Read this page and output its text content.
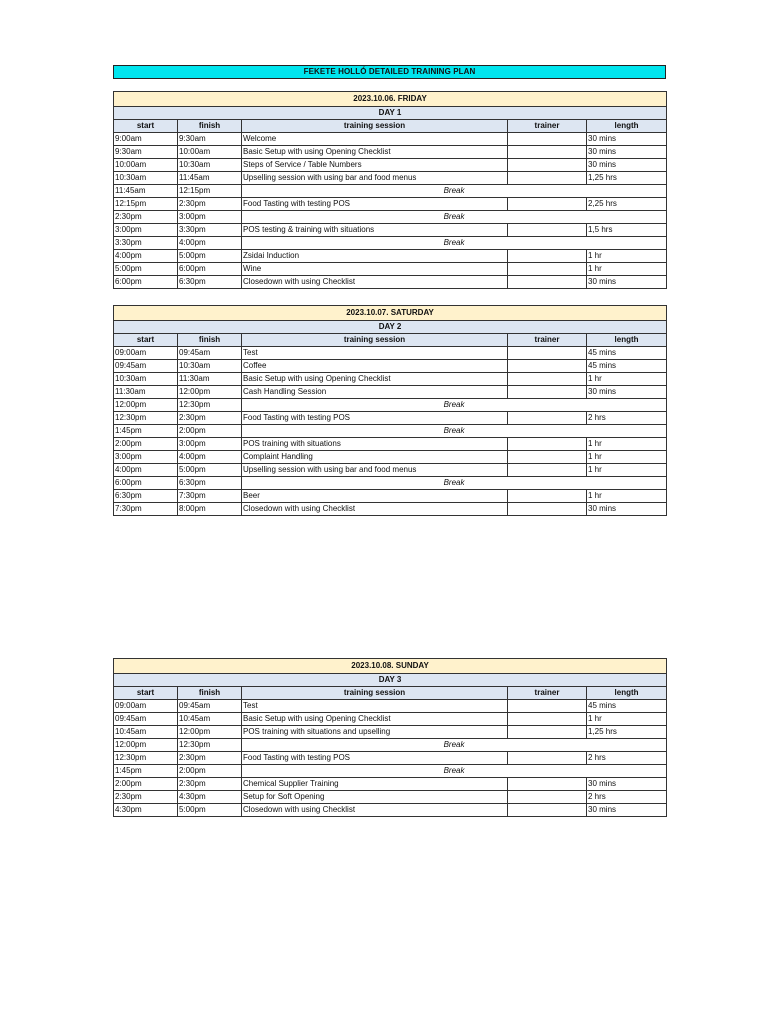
FEKETE HOLLÓ DETAILED TRAINING PLAN
2023.10.06. FRIDAY				
DAY 1				
start	finish	training session	trainer	length
9:00am	9:30am	Welcome		30 mins
9:30am	10:00am	Basic Setup with using Opening Checklist		30 mins
10:00am	10:30am	Steps of Service / Table Numbers		30 mins
10:30am	11:45am	Upselling session with using bar and food menus		1,25 hrs
11:45am	12:15pm	Break		
12:15pm	2:30pm	Food Tasting with testing POS		2,25 hrs
2:30pm	3:00pm	Break		
3:00pm	3:30pm	POS testing & training with situations		1,5 hrs
3:30pm	4:00pm	Break		
4:00pm	5:00pm	Zsidai Induction		1 hr
5:00pm	6:00pm	Wine		1 hr
6:00pm	6:30pm	Closedown with using Checklist		30 mins
2023.10.07. SATURDAY				
DAY 2				
start	finish	training session	trainer	length
09:00am	09:45am	Test		45 mins
09:45am	10:30am	Coffee		45 mins
10:30am	11:30am	Basic Setup with using Opening Checklist		1 hr
11:30am	12:00pm	Cash Handling Session		30 mins
12:00pm	12:30pm	Break		
12:30pm	2:30pm	Food Tasting with testing POS		2 hrs
1:45pm	2:00pm	Break		
2:00pm	3:00pm	POS training with situations		1 hr
3:00pm	4:00pm	Complaint Handling		1 hr
4:00pm	5:00pm	Upselling session with using bar and food menus		1 hr
6:00pm	6:30pm	Break		
6:30pm	7:30pm	Beer		1 hr
7:30pm	8:00pm	Closedown with using Checklist		30 mins
2023.10.08. SUNDAY				
DAY 3				
start	finish	training session	trainer	length
09:00am	09:45am	Test		45 mins
09:45am	10:45am	Basic Setup with using Opening Checklist		1 hr
10:45am	12:00pm	POS training with situations and upselling		1,25 hrs
12:00pm	12:30pm	Break		
12:30pm	2:30pm	Food Tasting with testing POS		2 hrs
1:45pm	2:00pm	Break		
2:00pm	2:30pm	Chemical Supplier Training		30 mins
2:30pm	4:30pm	Setup for Soft Opening		2 hrs
4:30pm	5:00pm	Closedown with using Checklist		30 mins
